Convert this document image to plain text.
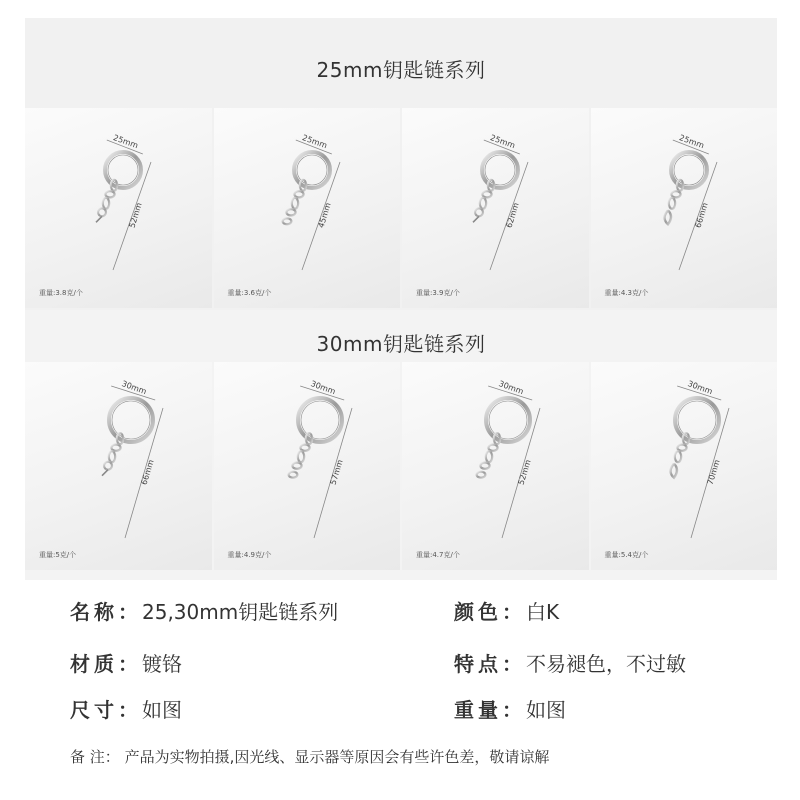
25mm钥匙链系列
25mm
52mm
重量:3.8克/个
25mm
45mm
重量:3.6克/个
25mm
62mm
重量:3.9克/个
25mm
66mm
重量:4.3克/个
30mm钥匙链系列
30mm
66mm
重量:5克/个
30mm
57mm
重量:4.9克/个
30mm
52mm
重量:4.7克/个
30mm
70mm
重量:5.4克/个
名称：25,30mm钥匙链系列	颜色：白K
材质：镀铬	特点：不易褪色，不过敏
尺寸：如图	重量：如图
备 注： 产品为实物拍摄,因光线、显示器等原因会有些许色差，敬请谅解
